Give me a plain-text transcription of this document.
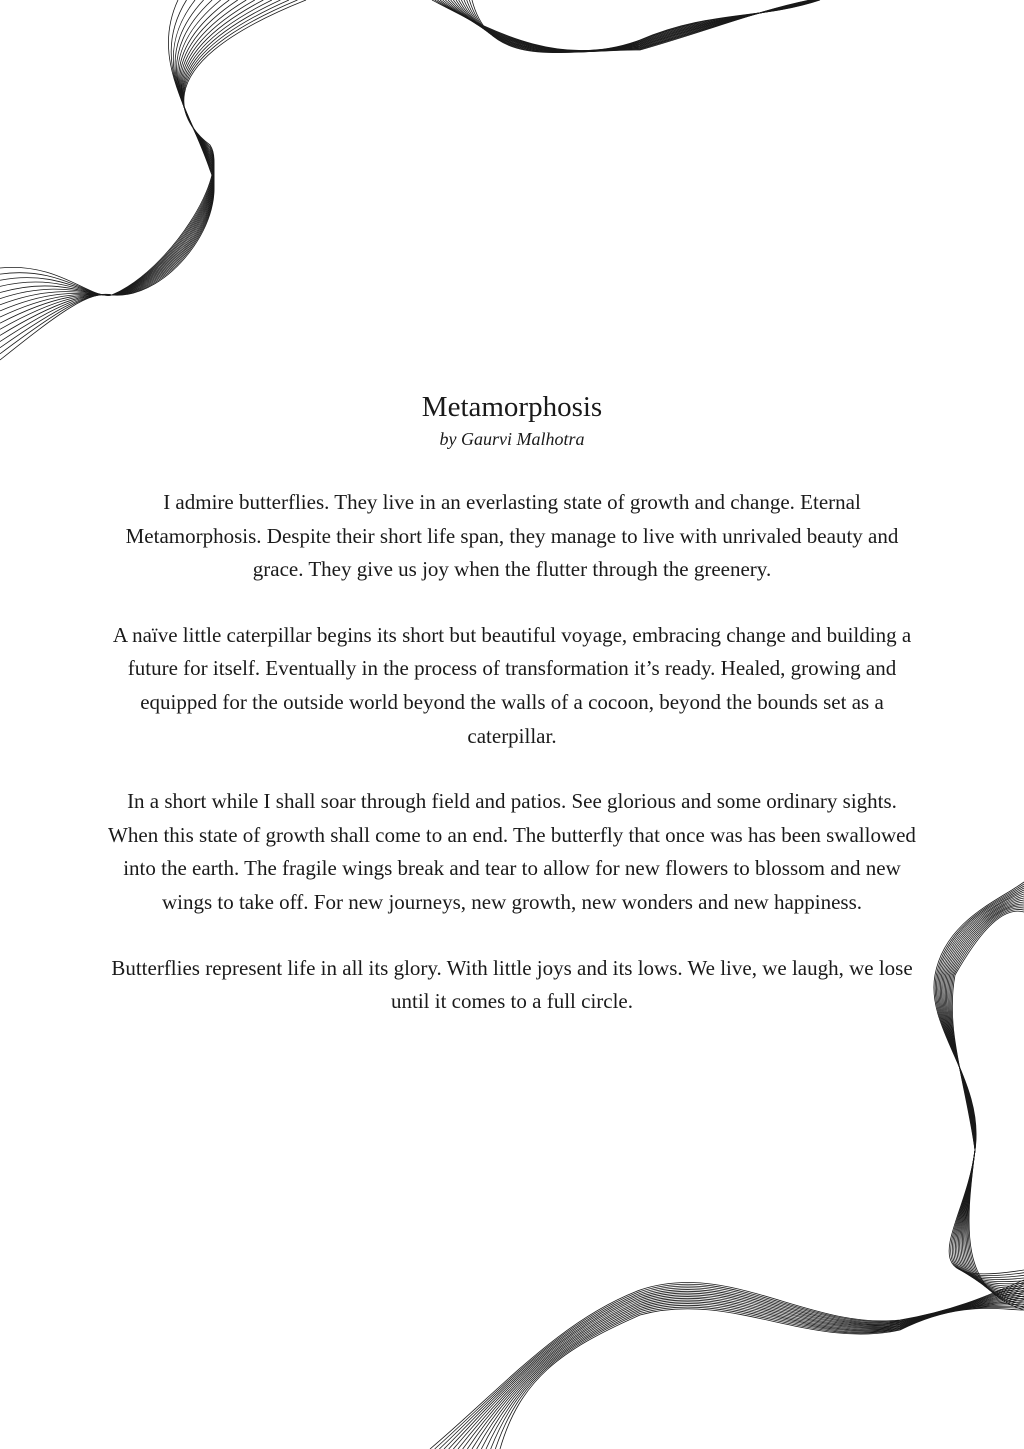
Metamorphosis

by Gaurvi Malhotra

I admire butterflies. They live in an everlasting state of growth and change. Eternal Metamorphosis. Despite their short life span, they manage to live with unrivaled beauty and grace. They give us joy when the flutter through the greenery.

A naïve little caterpillar begins its short but beautiful voyage, embracing change and building a future for itself. Eventually in the process of transformation it’s ready. Healed, growing and equipped for the outside world beyond the walls of a cocoon, beyond the bounds set as a caterpillar.

In a short while I shall soar through field and patios. See glorious and some ordinary sights. When this state of growth shall come to an end. The butterfly that once was has been swallowed into the earth. The fragile wings break and tear to allow for new flowers to blossom and new wings to take off. For new journeys, new growth, new wonders and new happiness.

Butterflies represent life in all its glory. With little joys and its lows. We live, we laugh, we lose until it comes to a full circle.
